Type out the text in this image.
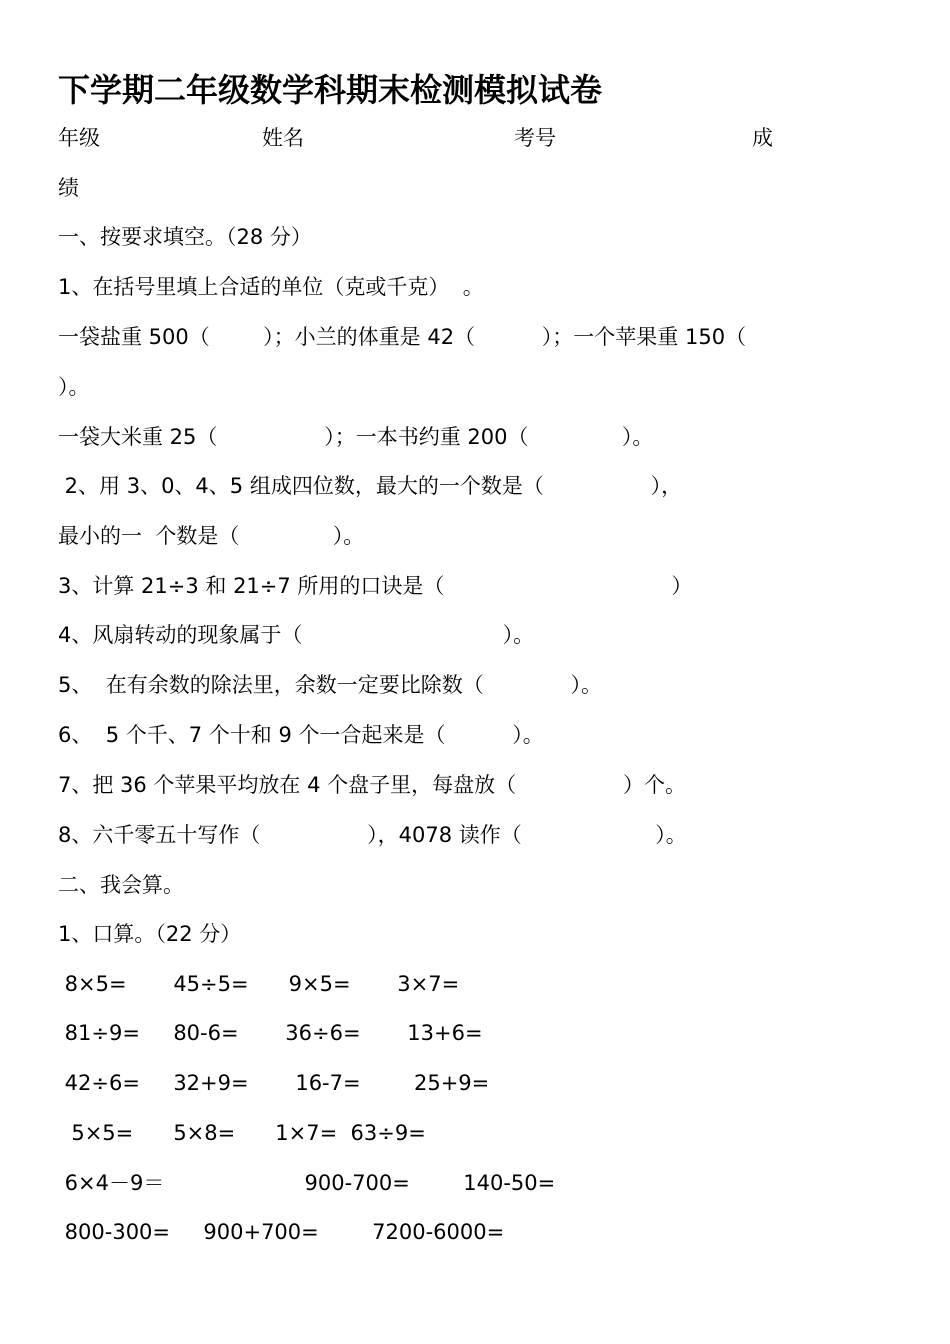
下学期二年级数学科期末检测模拟试卷
年级	姓名	考号	成
绩
一、按要求填空。（28 分）
1、在括号里填上合适的单位（克或千克）  。
一袋盐重 500（        ）；小兰的体重是 42（          ）；一个苹果重 150（
）。
一袋大米重 25（                ）；一本书约重 200（              ）。
2、用 3、0、4、5 组成四位数，最大的一个数是（                ），
最小的一  个数是（              ）。
3、计算 21÷3 和 21÷7 所用的口诀是（                                  ）
4、风扇转动的现象属于（                              ）。
5、  在有余数的除法里，余数一定要比除数（             ）。
6、  5 个千、7 个十和 9 个一合起来是（          ）。
7、把 36 个苹果平均放在 4 个盘子里，每盘放（                ）个。
8、六千零五十写作（                ），4078 读作（                    ）。
二、我会算。
1、口算。（22 分）
8×5=       45÷5=      9×5=       3×7=
81÷9=     80-6=       36÷6=       13+6=
42÷6=     32+9=       16-7=        25+9=
5×5=      5×8=      1×7=  63÷9=
6×4－9＝                     900-700=        140-50=
800-300=     900+700=        7200-6000=
